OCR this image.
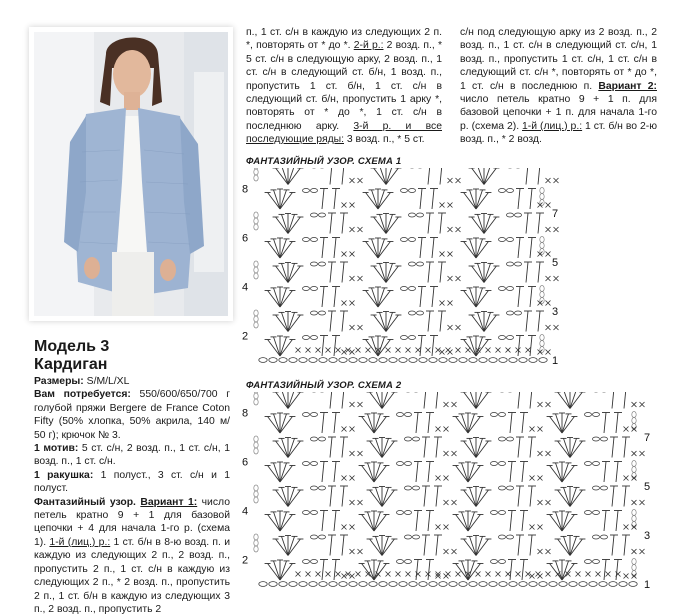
п., 1 ст. с/н в каждую из следующих 2 п. *, повторять от * до *. 2-й р.: 2 возд. п., * 5 ст. с/н в следующую арку, 2 возд. п., 1 ст. с/н в следующий ст. б/н, 1 возд. п., пропустить 1 ст. б/н, 1 ст. с/н в следующий ст. б/н, пропустить 1 арку *, повторять от * до *, 1 ст. с/н в последнюю арку. 3-й р. и все последующие ряды: 3 возд. п., * 5 ст.

с/н под следующую арку из 2 возд. п., 2 возд. п., 1 ст. с/н в следующий ст. с/н, 1 возд. п., пропустить 1 ст. с/н, 1 ст. с/н в следующий ст. с/н *, повторять от * до *, 1 ст. с/н в последнюю п. Вариант 2: число петель кратно 9 + 1 п. для базовой цепочки + 1 п. для начала 1-го р. (схема 2). 1-й (лиц.) р.: 1 ст. б/н во 2-ю возд. п., * 2 возд.

Модель 3
Кардиган

Размеры: S/M/L/XL

Вам потребуется: 550/600/650/700 г голубой пряжи Bergere de France Coton Fifty (50% хлопка, 50% акрила, 140 м/ 50 г); крючок № 3.

1 мотив: 5 ст. с/н, 2 возд. п., 1 ст. с/н, 1 возд. п., 1 ст. с/н.

1 ракушка: 1 полуст., 3 ст. с/н и 1 полуст.

Фантазийный узор. Вариант 1: число петель кратно 9 + 1 для базовой цепочки + 4 для начала 1-го р. (схема 1). 1-й (лиц.) р.: 1 ст. б/н в 8-ю возд. п. и каждую из следующих 2 п., 2 возд. п., пропустить 2 п., 1 ст. с/н в каждую из следующих 2 п., * 2 возд. п., пропустить 2 п., 1 ст. б/н в каждую из следующих 3 п., 2 возд. п., пропустить 2

ФАНТАЗИЙНЫЙ УЗОР. СХЕМА 1
8
6
4
2
7
5
3
1
ФАНТАЗИЙНЫЙ УЗОР. СХЕМА 2
8
6
4
2
7
5
3
1
